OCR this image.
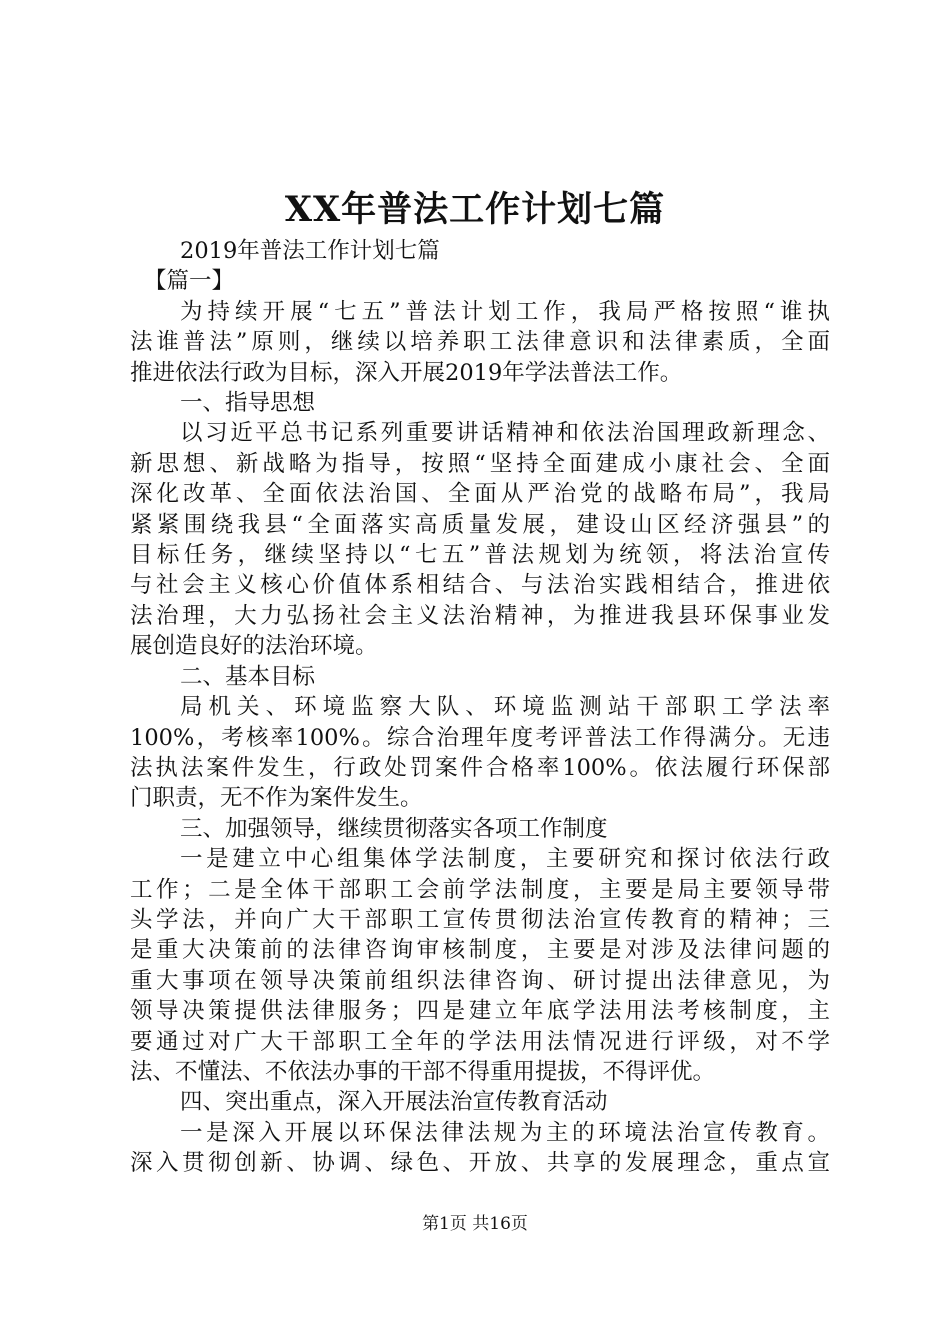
XX年普法工作计划七篇
2019年普法工作计划七篇
【篇一】
为持续开展“七五”普法计划工作，我局严格按照“谁执
法谁普法”原则，继续以培养职工法律意识和法律素质，全面
推进依法行政为目标，深入开展2019年学法普法工作。
一、指导思想
以习近平总书记系列重要讲话精神和依法治国理政新理念、
新思想、新战略为指导，按照“坚持全面建成小康社会、全面
深化改革、全面依法治国、全面从严治党的战略布局”，我局
紧紧围绕我县“全面落实高质量发展，建设山区经济强县”的
目标任务，继续坚持以“七五”普法规划为统领，将法治宣传
与社会主义核心价值体系相结合、与法治实践相结合，推进依
法治理，大力弘扬社会主义法治精神，为推进我县环保事业发
展创造良好的法治环境。
二、基本目标
局机关、环境监察大队、环境监测站干部职工学法率
100%，考核率100%。综合治理年度考评普法工作得满分。无违
法执法案件发生，行政处罚案件合格率100%。依法履行环保部
门职责，无不作为案件发生。
三、加强领导，继续贯彻落实各项工作制度
一是建立中心组集体学法制度，主要研究和探讨依法行政
工作；二是全体干部职工会前学法制度，主要是局主要领导带
头学法，并向广大干部职工宣传贯彻法治宣传教育的精神；三
是重大决策前的法律咨询审核制度，主要是对涉及法律问题的
重大事项在领导决策前组织法律咨询、研讨提出法律意见，为
领导决策提供法律服务；四是建立年底学法用法考核制度，主
要通过对广大干部职工全年的学法用法情况进行评级，对不学
法、不懂法、不依法办事的干部不得重用提拔，不得评优。
四、突出重点，深入开展法治宣传教育活动
一是深入开展以环保法律法规为主的环境法治宣传教育。
深入贯彻创新、协调、绿色、开放、共享的发展理念，重点宣
第1页 共16页
